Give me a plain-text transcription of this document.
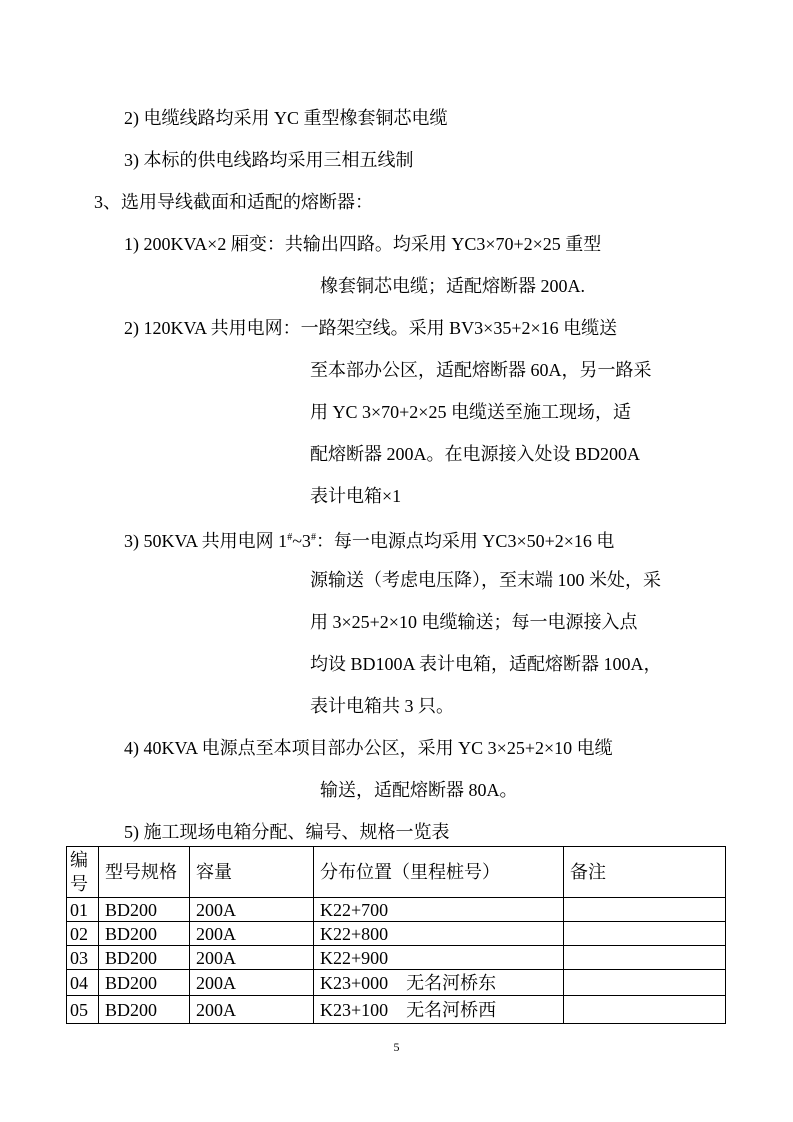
2) 电缆线路均采用 YC 重型橡套铜芯电缆
3) 本标的供电线路均采用三相五线制
3、选用导线截面和适配的熔断器：
1) 200KVA×2 厢变：共输出四路。均采用 YC3×70+2×25 重型
橡套铜芯电缆；适配熔断器 200A.
2) 120KVA 共用电网：一路架空线。采用 BV3×35+2×16 电缆送
至本部办公区，适配熔断器 60A，另一路采
用 YC 3×70+2×25 电缆送至施工现场，适
配熔断器 200A。在电源接入处设 BD200A
表计电箱×1
3) 50KVA 共用电网 1#~3#：每一电源点均采用 YC3×50+2×16 电
源输送（考虑电压降），至末端 100 米处，采
用 3×25+2×10 电缆输送；每一电源接入点
均设 BD100A 表计电箱，适配熔断器 100A，
表计电箱共 3 只。
4) 40KVA 电源点至本项目部办公区，采用 YC 3×25+2×10 电缆
输送，适配熔断器 80A。
5) 施工现场电箱分配、编号、规格一览表
编号	型号规格	容量	分布位置（里程桩号）	备注
01	BD200	200A	K22+700	
02	BD200	200A	K22+800	
03	BD200	200A	K22+900	
04	BD200	200A	K23+000    无名河桥东	
05	BD200	200A	K23+100    无名河桥西	
5
